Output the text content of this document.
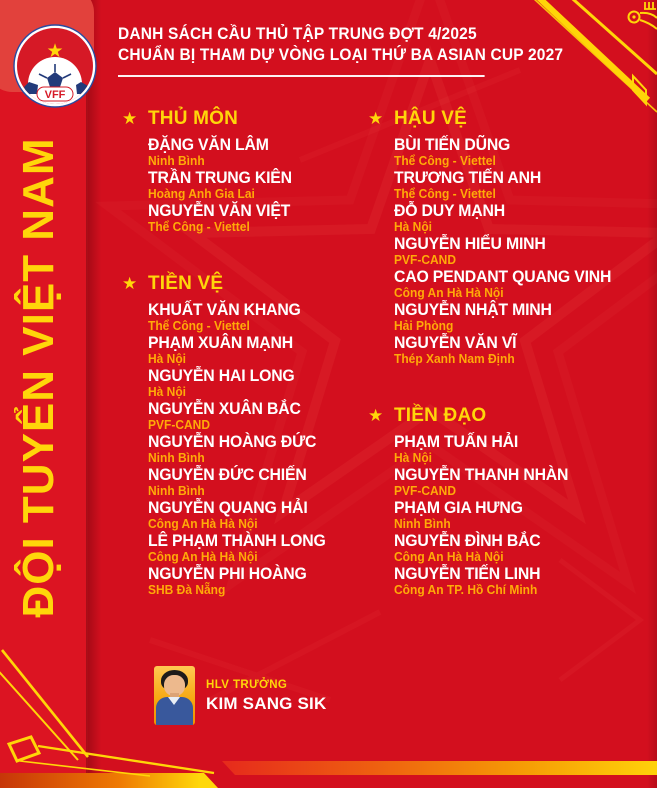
★
VFF
ĐỘI TUYỂN VIỆT NAM
DANH SÁCH CẦU THỦ TẬP TRUNG ĐỢT 4/2025
CHUẨN BỊ THAM DỰ VÒNG LOẠI THỨ BA ASIAN CUP 2027
★ THỦ MÔN
ĐẶNG VĂN LÂM
Ninh Bình
TRẦN TRUNG KIÊN
Hoàng Anh Gia Lai
NGUYỄN VĂN VIỆT
Thể Công - Viettel
★ TIỀN VỆ
KHUẤT VĂN KHANG
Thể Công - Viettel
PHẠM XUÂN MẠNH
Hà Nội
NGUYỄN HAI LONG
Hà Nội
NGUYỄN XUÂN BẮC
PVF-CAND
NGUYỄN HOÀNG ĐỨC
Ninh Bình
NGUYỄN ĐỨC CHIẾN
Ninh Bình
NGUYỄN QUANG HẢI
Công An Hà Hà Nội
LÊ PHẠM THÀNH LONG
Công An Hà Hà Nội
NGUYỄN PHI HOÀNG
SHB Đà Nẵng
★ HẬU VỆ
BÙI TIẾN DŨNG
Thể Công - Viettel
TRƯƠNG TIẾN ANH
Thể Công - Viettel
ĐỖ DUY MẠNH
Hà Nội
NGUYỄN HIỂU MINH
PVF-CAND
CAO PENDANT QUANG VINH
Công An Hà Hà Nội
NGUYỄN NHẬT MINH
Hải Phòng
NGUYỄN VĂN VĨ
Thép Xanh Nam Định
★ TIỀN ĐẠO
PHẠM TUẤN HẢI
Hà Nội
NGUYỄN THANH NHÀN
PVF-CAND
PHẠM GIA HƯNG
Ninh Bình
NGUYỄN ĐÌNH BẮC
Công An Hà Hà Nội
NGUYỄN TIẾN LINH
Công An TP. Hồ Chí Minh
HLV TRƯỞNG
KIM SANG SIK
